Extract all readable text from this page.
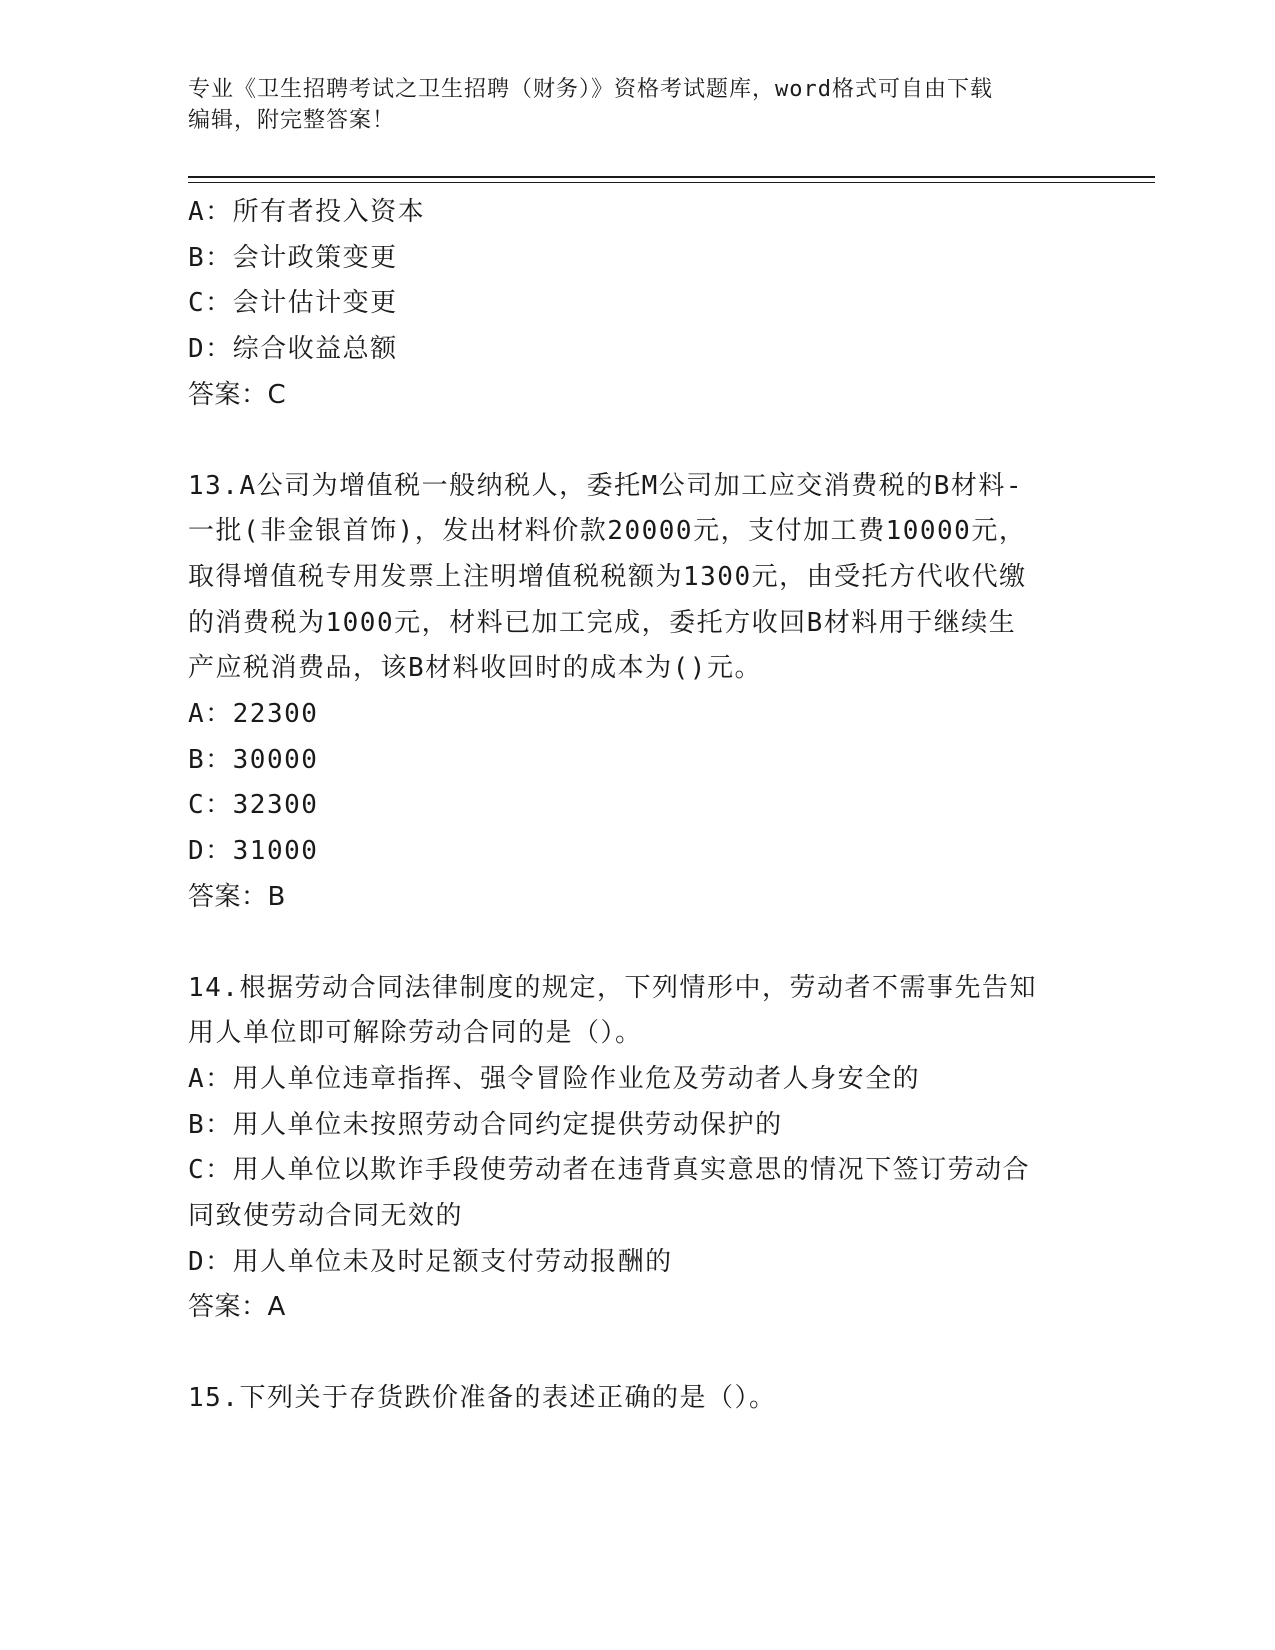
专业《卫生招聘考试之卫生招聘（财务）》资格考试题库，word格式可自由下载
编辑，附完整答案！
A：所有者投入资本
B：会计政策变更
C：会计估计变更
D：综合收益总额
答案：C
13.A公司为增值税一般纳税人，委托M公司加工应交消费税的B材料-
一批(非金银首饰)，发出材料价款20000元，支付加工费10000元，
取得增值税专用发票上注明增值税税额为1300元，由受托方代收代缴
的消费税为1000元，材料已加工完成，委托方收回B材料用于继续生
产应税消费品，该B材料收回时的成本为()元。
A：22300
B：30000
C：32300
D：31000
答案：B
14.根据劳动合同法律制度的规定，下列情形中，劳动者不需事先告知
用人单位即可解除劳动合同的是（）。
A：用人单位违章指挥、强令冒险作业危及劳动者人身安全的
B：用人单位未按照劳动合同约定提供劳动保护的
C：用人单位以欺诈手段使劳动者在违背真实意思的情况下签订劳动合
同致使劳动合同无效的
D：用人单位未及时足额支付劳动报酬的
答案：A
15.下列关于存货跌价准备的表述正确的是（）。
